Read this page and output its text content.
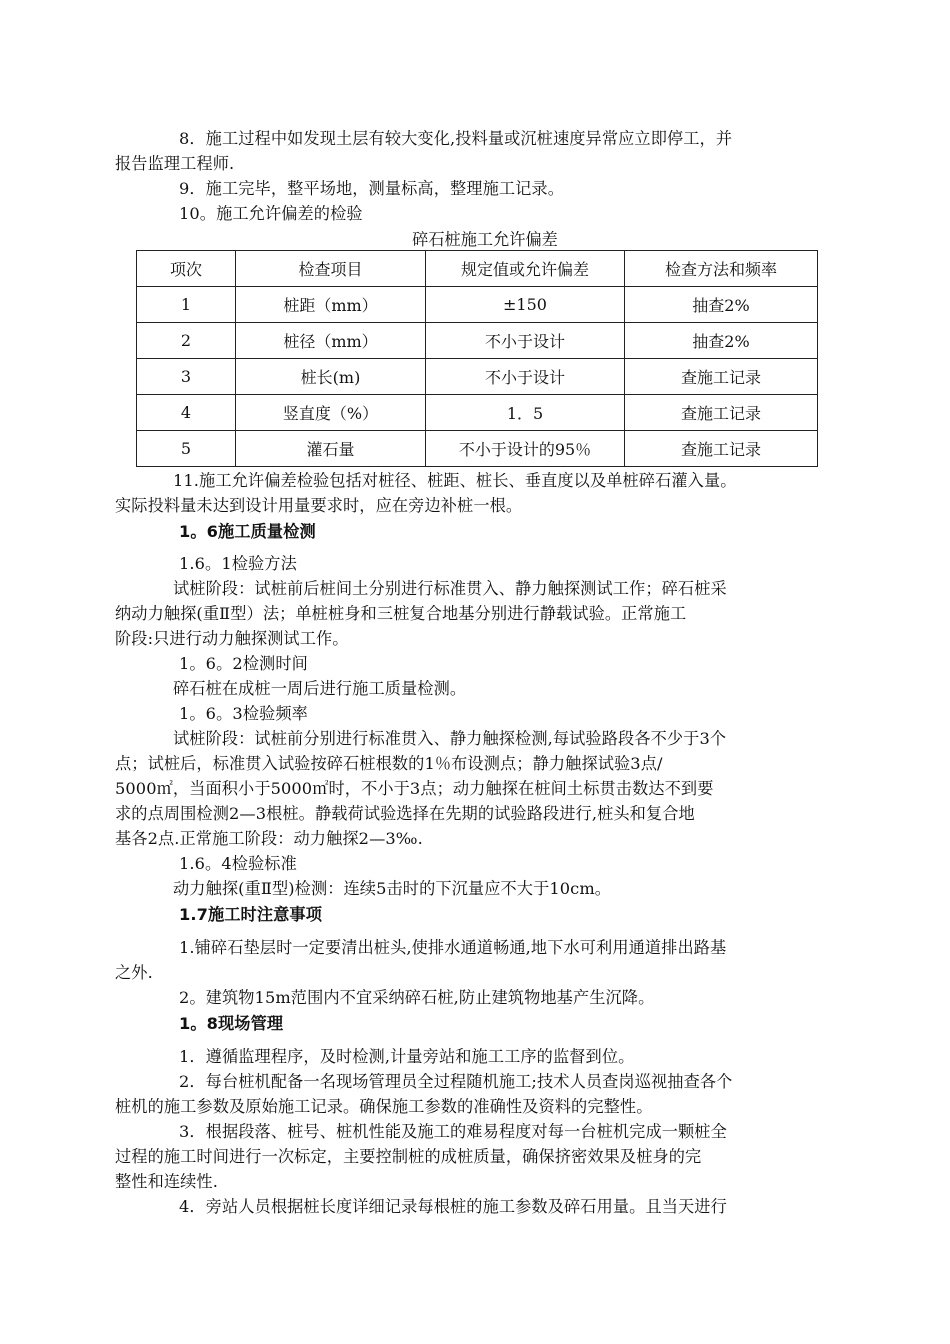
8．施工过程中如发现土层有较大变化,投料量或沉桩速度异常应立即停工，并
报告监理工程师.
9．施工完毕，整平场地，测量标高，整理施工记录。
10。施工允许偏差的检验
碎石桩施工允许偏差
项次	检查项目	规定值或允许偏差	检查方法和频率
1	桩距（mm）	±150	抽查2%
2	桩径（mm）	不小于设计	抽查2%
3	桩长(m)	不小于设计	查施工记录
4	竖直度（%）	1．5	查施工记录
5	灌石量	不小于设计的95％	查施工记录
11.施工允许偏差检验包括对桩径、桩距、桩长、垂直度以及单桩碎石灌入量。
实际投料量未达到设计用量要求时，应在旁边补桩一根。
1。6施工质量检测
1.6。1检验方法
试桩阶段：试桩前后桩间土分别进行标准贯入、静力触探测试工作；碎石桩采
纳动力触探(重Ⅱ型）法；单桩桩身和三桩复合地基分别进行静载试验。正常施工
阶段:只进行动力触探测试工作。
1。6。2检测时间
碎石桩在成桩一周后进行施工质量检测。
1。6。3检验频率
试桩阶段：试桩前分别进行标准贯入、静力触探检测,每试验路段各不少于3个
点；试桩后，标准贯入试验按碎石桩根数的1％布设测点；静力触探试验3点/
5000㎡，当面积小于5000㎡时，不小于3点；动力触探在桩间土标贯击数达不到要
求的点周围检测2—3根桩。静载荷试验选择在先期的试验路段进行,桩头和复合地
基各2点.正常施工阶段：动力触探2—3‰.
1.6。4检验标准
动力触探(重Ⅱ型)检测：连续5击时的下沉量应不大于10cm。
1.7施工时注意事项
1.铺碎石垫层时一定要清出桩头,使排水通道畅通,地下水可利用通道排出路基
之外.
2。建筑物15m范围内不宜采纳碎石桩,防止建筑物地基产生沉降。
1。8现场管理
1．遵循监理程序，及时检测,计量旁站和施工工序的监督到位。
2．每台桩机配备一名现场管理员全过程随机施工;技术人员查岗巡视抽查各个
桩机的施工参数及原始施工记录。确保施工参数的准确性及资料的完整性。
3．根据段落、桩号、桩机性能及施工的难易程度对每一台桩机完成一颗桩全
过程的施工时间进行一次标定，主要控制桩的成桩质量，确保挤密效果及桩身的完
整性和连续性.
4．旁站人员根据桩长度详细记录每根桩的施工参数及碎石用量。且当天进行
